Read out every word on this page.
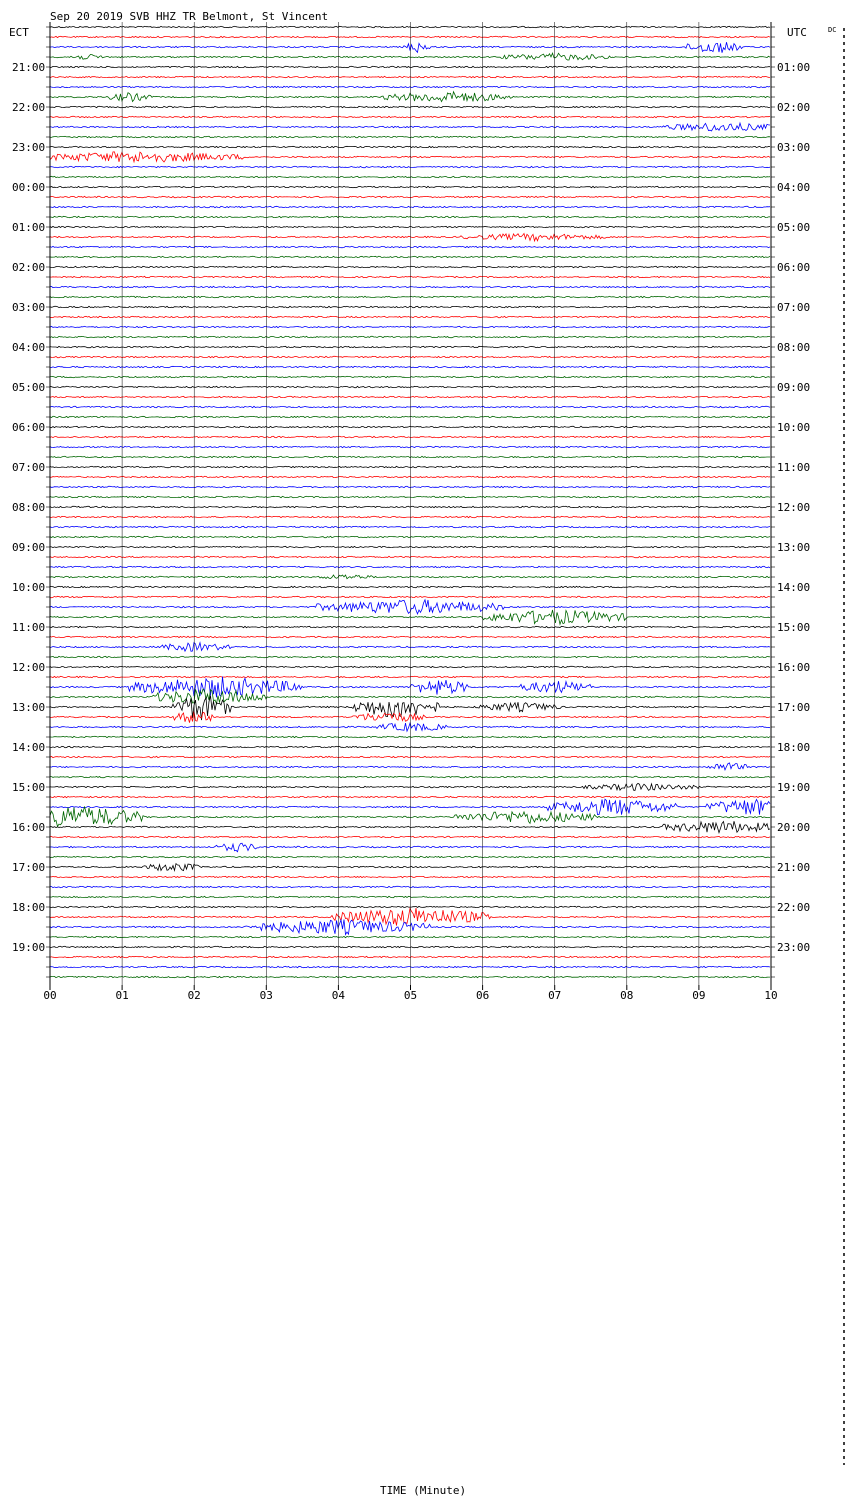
Sep 20 2019 SVB HHZ TR Belmont, St Vincent
ECT	UTC	DC
21:00
22:00
23:00
00:00
01:00
02:00
03:00
04:00
05:00
06:00
07:00
08:00
09:00
10:00
11:00
12:00
13:00
14:00
15:00
16:00
17:00
18:00
19:00
01:00
02:00
03:00
04:00
05:00
06:00
07:00
08:00
09:00
10:00
11:00
12:00
13:00
14:00
15:00
16:00
17:00
18:00
19:00
20:00
21:00
22:00
23:00
00	01	02	03	04	05	06	07	08	09	10
TIME (Minute)
